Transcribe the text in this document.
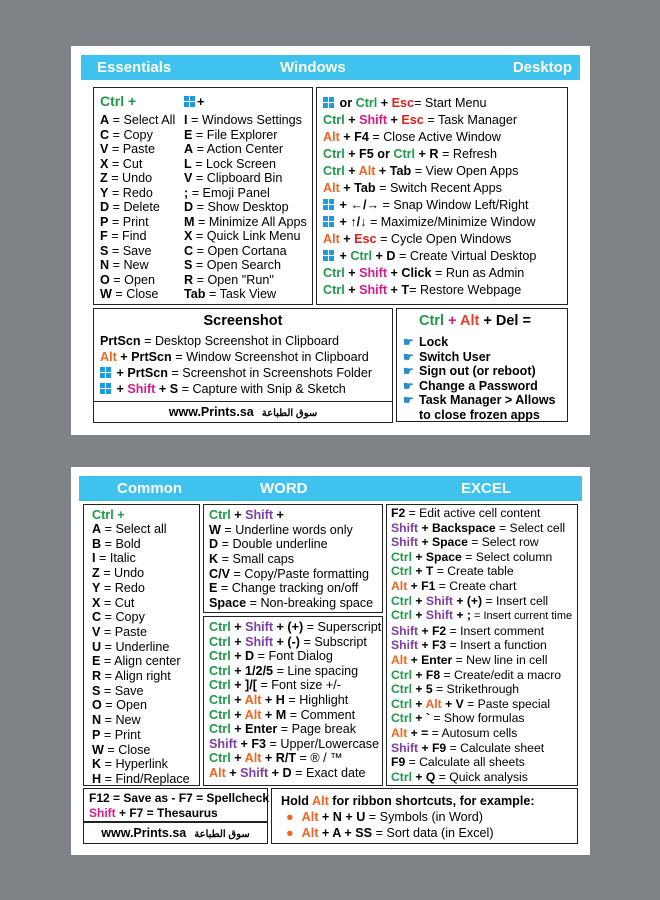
Essentials	Windows	Desktop
Ctrl +	+
A = Select All
C = Copy
V = Paste
X = Cut
Z = Undo
Y = Redo
D = Delete
P = Print
F = Find
S = Save
N = New
O = Open
W = Close
I = Windows Settings
E = File Explorer
A = Action Center
L = Lock Screen
V = Clipboard Bin
; = Emoji Panel
D = Show Desktop
M = Minimize All Apps
X = Quick Link Menu
C = Open Cortana
S = Open Search
R = Open "Run"
Tab = Task View
or Ctrl + Esc= Start Menu
Ctrl + Shift + Esc = Task Manager
Alt + F4 = Close Active Window
Ctrl + F5 or Ctrl + R = Refresh
Ctrl + Alt + Tab = View Open Apps
Alt + Tab = Switch Recent Apps
+ ←/→ = Snap Window Left/Right
+ ↑/↓ = Maximize/Minimize Window
Alt + Esc = Cycle Open Windows
+ Ctrl + D = Create Virtual Desktop
Ctrl + Shift + Click = Run as Admin
Ctrl + Shift + T= Restore Webpage
Screenshot
PrtScn = Desktop Screenshot in Clipboard
Alt + PrtScn = Window Screenshot in Clipboard
+ PrtScn = Screenshot in Screenshots Folder
+ Shift + S = Capture with Snip & Sketch
www.Prints.sa سوق الطباعة
Ctrl + Alt + Del =
☛ Lock
☛ Switch User
☛ Sign out (or reboot)
☛ Change a Password
☛ Task Manager > Allows
to close frozen apps
Common	WORD	EXCEL
Ctrl +
A = Select all
B = Bold
I = Italic
Z = Undo
Y = Redo
X = Cut
C = Copy
V = Paste
U = Underline
E = Align center
R = Align right
S = Save
O = Open
N = New
P = Print
W = Close
K = Hyperlink
H = Find/Replace
Ctrl + Shift +
W = Underline words only
D = Double underline
K = Small caps
C/V = Copy/Paste formatting
E = Change tracking on/off
Space = Non-breaking space
Ctrl + Shift + (+) = Superscript
Ctrl + Shift + (-) = Subscript
Ctrl + D = Font Dialog
Ctrl + 1/2/5 = Line spacing
Ctrl + ]/[ = Font size +/-
Ctrl + Alt + H = Highlight
Ctrl + Alt + M = Comment
Ctrl + Enter = Page break
Shift + F3 = Upper/Lowercase
Ctrl + Alt + R/T = ® / ™
Alt + Shift + D = Exact date
F2 = Edit active cell content
Shift + Backspace = Select cell
Shift + Space = Select row
Ctrl + Space = Select column
Ctrl + T = Create table
Alt + F1 = Create chart
Ctrl + Shift + (+) = Insert cell
Ctrl + Shift + ; = Insert current time
Shift + F2 = Insert comment
Shift + F3 = Insert a function
Alt + Enter = New line in cell
Ctrl + F8 = Create/edit a macro
Ctrl + 5 = Strikethrough
Ctrl + Alt + V = Paste special
Ctrl + ` = Show formulas
Alt + = = Autosum cells
Shift + F9 = Calculate sheet
F9 = Calculate all sheets
Ctrl + Q = Quick analysis
F12 = Save as - F7 = Spellcheck
Shift + F7 = Thesaurus
www.Prints.sa سوق الطباعة
Hold Alt for ribbon shortcuts, for example:
● Alt + N + U = Symbols (in Word)
● Alt + A + SS = Sort data (in Excel)
